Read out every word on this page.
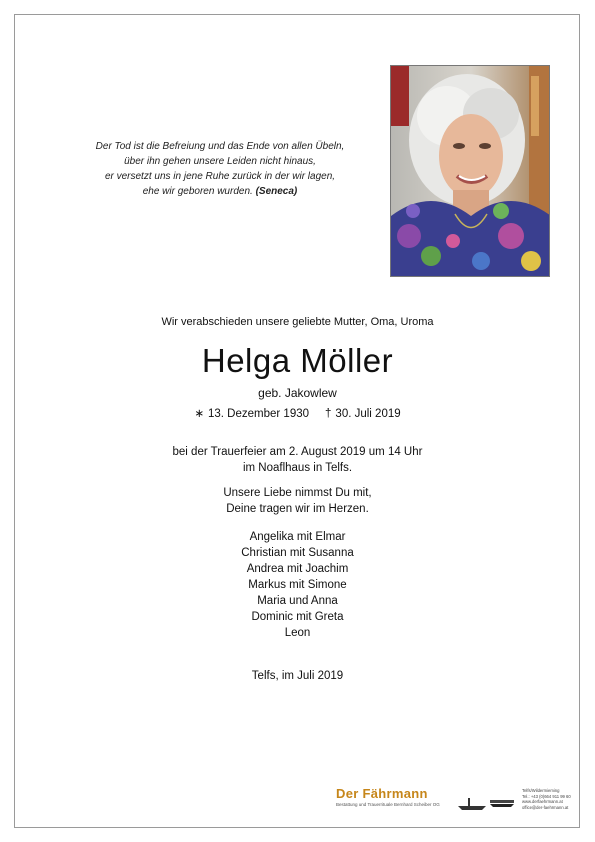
Der Tod ist die Befreiung und das Ende von allen Übeln,
über ihn gehen unsere Leiden nicht hinaus,
er versetzt uns in jene Ruhe zurück in der wir lagen,
ehe wir geboren wurden. (Seneca)
Wir verabschieden unsere geliebte Mutter, Oma, Uroma
Helga Möller
geb. Jakowlew
∗ 13. Dezember 1930 † 30. Juli 2019
bei der Trauerfeier am 2. August 2019 um 14 Uhr
im Noaflhaus in Telfs.
Unsere Liebe nimmst Du mit,
Deine tragen wir im Herzen.
Angelika mit Elmar
Christian mit Susanna
Andrea mit Joachim
Markus mit Simone
Maria und Anna
Dominic mit Greta
Leon
Telfs, im Juli 2019
Der Fährmann
Bestattung und Trauerrituale Bernhard Scheiber OG
Telfs/Wildermieming
Tel.: +43 (0)664 911 99 60
www.derfaehrmann.at
office@der-faehrmann.at
